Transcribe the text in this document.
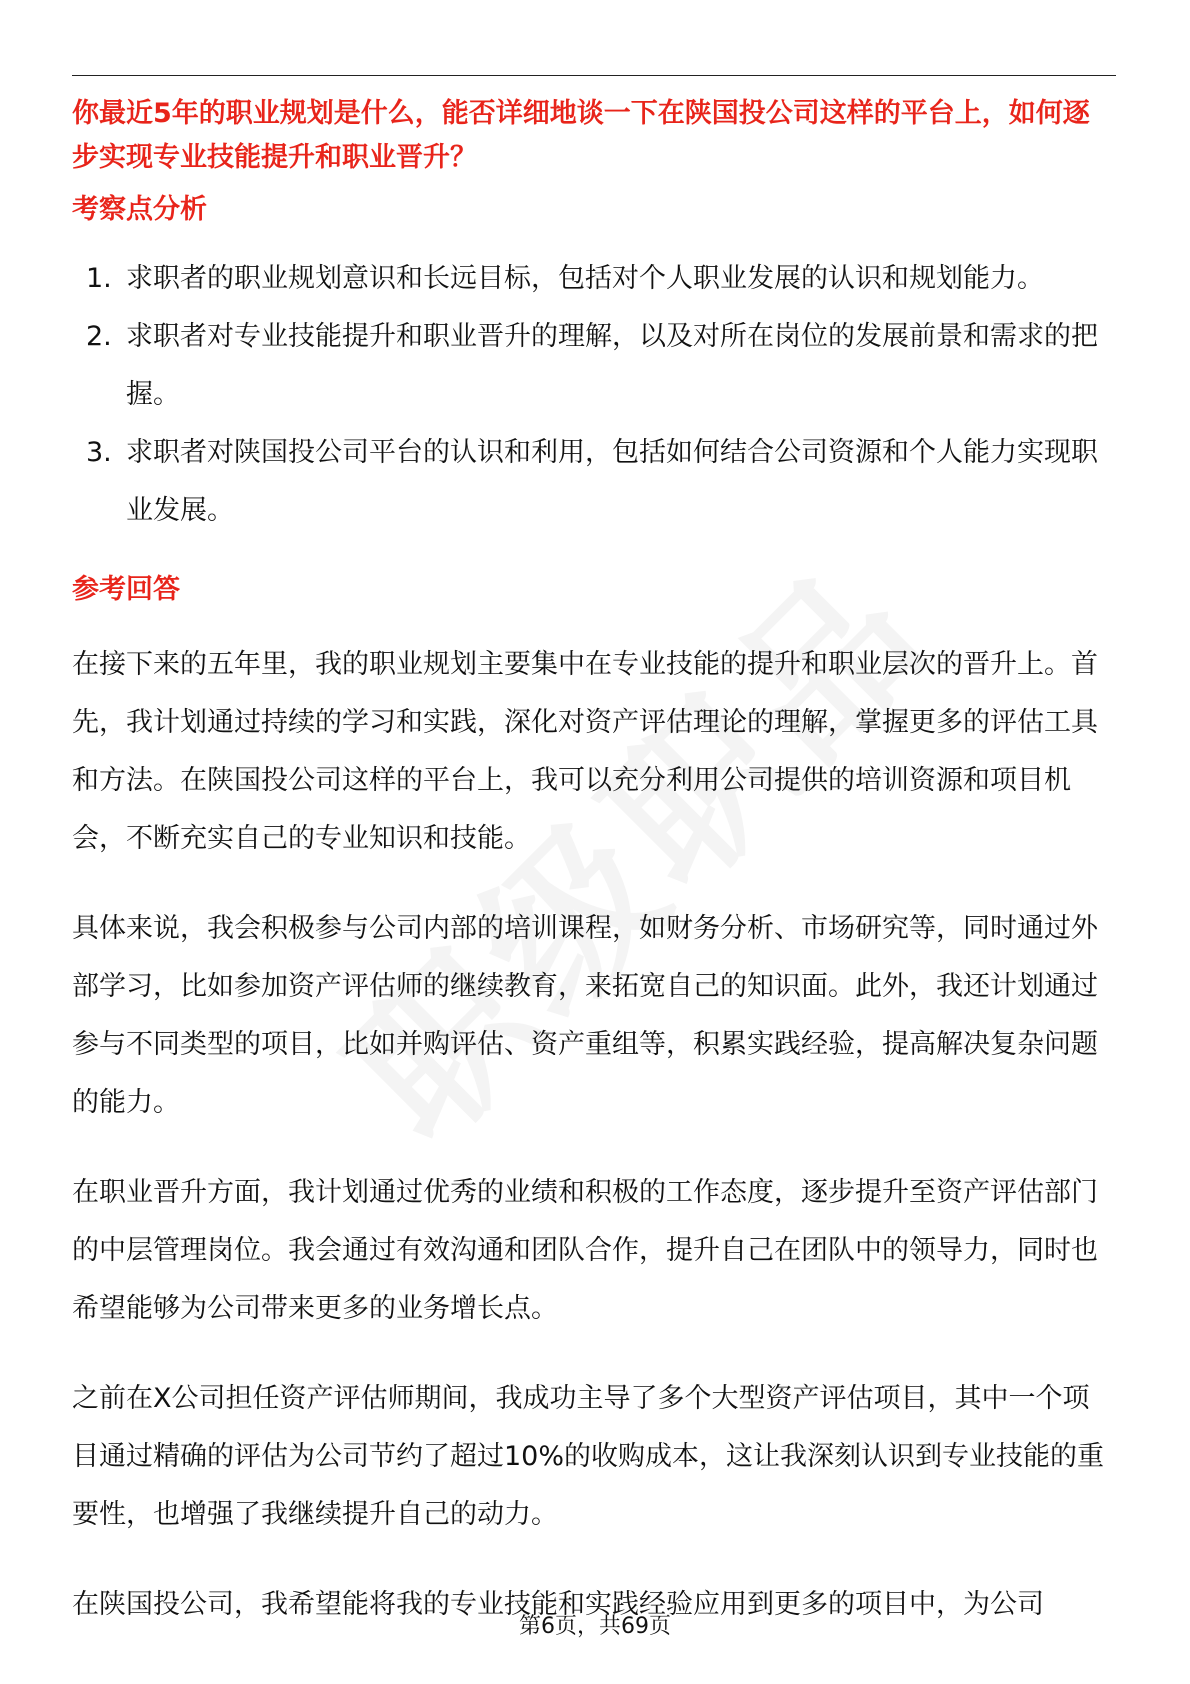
你最近5年的职业规划是什么，能否详细地谈一下在陕国投公司这样的平台上，如何逐步实现专业技能提升和职业晋升？

考察点分析
1. 求职者的职业规划意识和长远目标，包括对个人职业发展的认识和规划能力。
2. 求职者对专业技能提升和职业晋升的理解，以及对所在岗位的发展前景和需求的把握。
3. 求职者对陕国投公司平台的认识和利用，包括如何结合公司资源和个人能力实现职业发展。
参考回答

在接下来的五年里，我的职业规划主要集中在专业技能的提升和职业层次的晋升上。首先，我计划通过持续的学习和实践，深化对资产评估理论的理解，掌握更多的评估工具和方法。在陕国投公司这样的平台上，我可以充分利用公司提供的培训资源和项目机会，不断充实自己的专业知识和技能。

具体来说，我会积极参与公司内部的培训课程，如财务分析、市场研究等，同时通过外部学习，比如参加资产评估师的继续教育，来拓宽自己的知识面。此外，我还计划通过参与不同类型的项目，比如并购评估、资产重组等，积累实践经验，提高解决复杂问题的能力。

在职业晋升方面，我计划通过优秀的业绩和积极的工作态度，逐步提升至资产评估部门的中层管理岗位。我会通过有效沟通和团队合作，提升自己在团队中的领导力，同时也希望能够为公司带来更多的业务增长点。

之前在X公司担任资产评估师期间，我成功主导了多个大型资产评估项目，其中一个项目通过精确的评估为公司节约了超过10%的收购成本，这让我深刻认识到专业技能的重要性，也增强了我继续提升自己的动力。

在陕国投公司，我希望能将我的专业技能和实践经验应用到更多的项目中，为公司

第6页，共69页
